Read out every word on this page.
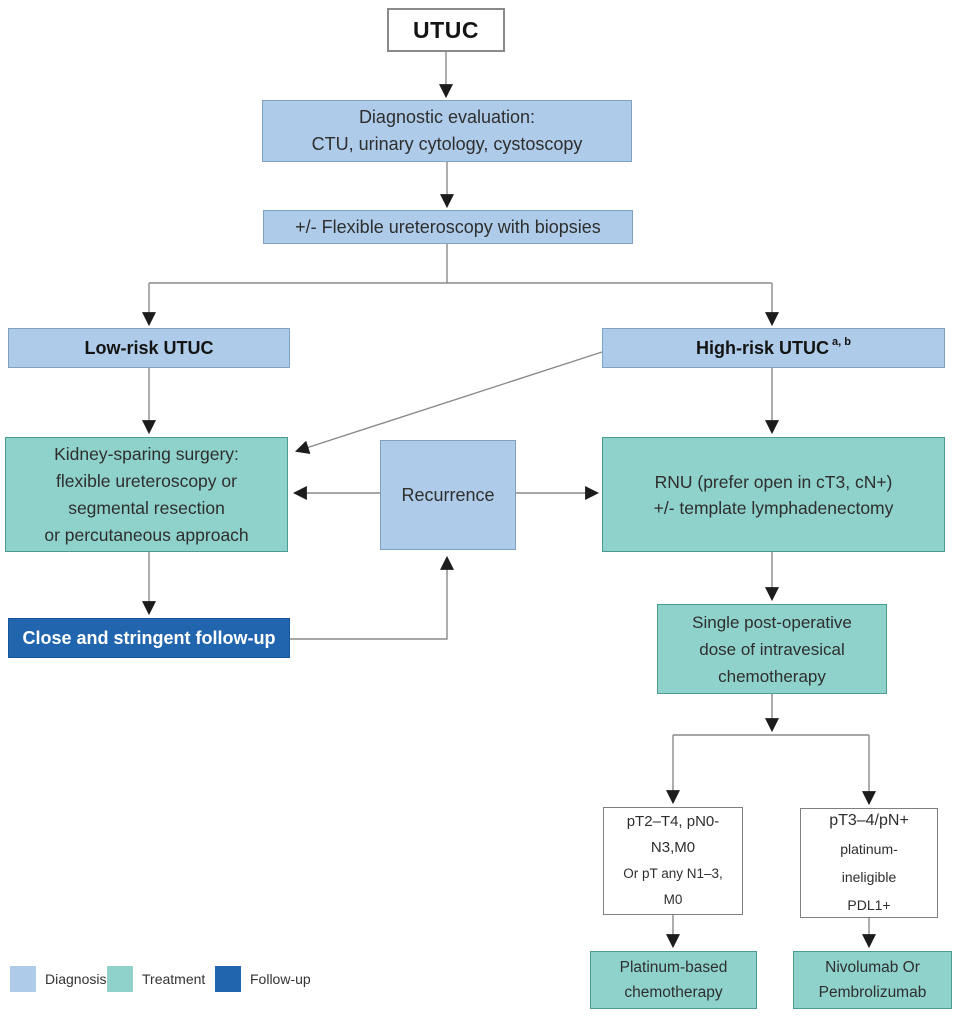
UTUC
Diagnostic evaluation:
CTU, urinary cytology, cystoscopy
+/- Flexible ureteroscopy with biopsies
Low-risk UTUC	High-risk UTUC a, b
Kidney-sparing surgery:
flexible ureteroscopy or
segmental resection
or percutaneous approach
Recurrence
RNU (prefer open in cT3, cN+)
+/- template lymphadenectomy
Close and stringent follow-up
Single post-operative
dose of intravesical
chemotherapy
pT2–T4, pN0-
N3,M0
Or pT any N1–3,
M0
pT3–4/pN+
platinum-
ineligible
PDL1+
Platinum-based
chemotherapy
Nivolumab Or
Pembrolizumab
Diagnosis	Treatment	Follow-up
